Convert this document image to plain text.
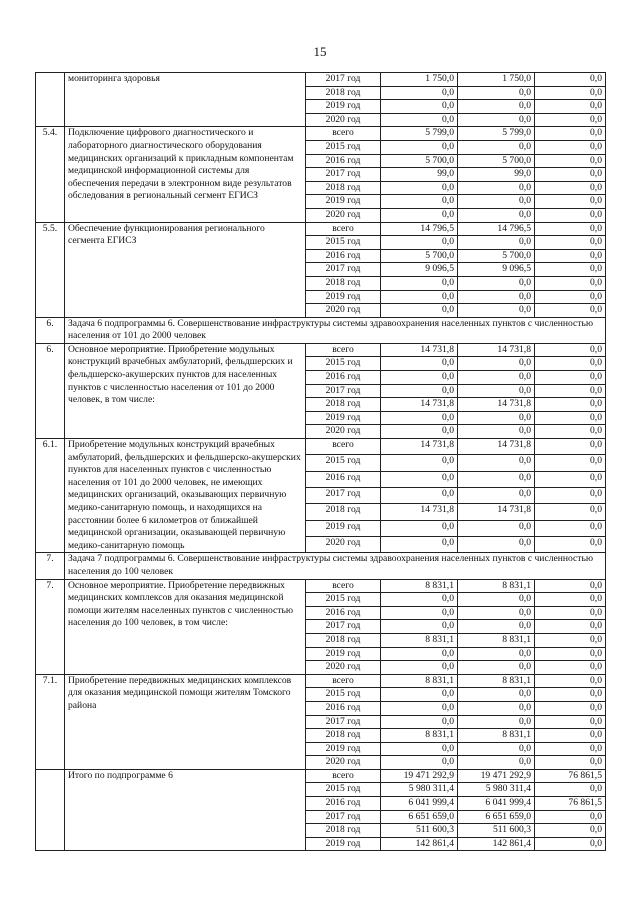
15
	мониторинга здоровья	2017 год	1 750,0	1 750,0	0,0
		2018 год	0,0	0,0	0,0
		2019 год	0,0	0,0	0,0
		2020 год	0,0	0,0	0,0
5.4.	Подключение цифрового диагностического и лабораторного диагностического оборудования медицинских организаций к прикладным компонентам медицинской информационной системы для обеспечения передачи в электронном виде результатов обследования в региональный сегмент ЕГИСЗ	всего	5 799,0	5 799,0	0,0
		2015 год	0,0	0,0	0,0
		2016 год	5 700,0	5 700,0	0,0
		2017 год	99,0	99,0	0,0
		2018 год	0,0	0,0	0,0
		2019 год	0,0	0,0	0,0
		2020 год	0,0	0,0	0,0
5.5.	Обеспечение функционирования регионального сегмента ЕГИСЗ	всего	14 796,5	14 796,5	0,0
		2015 год	0,0	0,0	0,0
		2016 год	5 700,0	5 700,0	0,0
		2017 год	9 096,5	9 096,5	0,0
		2018 год	0,0	0,0	0,0
		2019 год	0,0	0,0	0,0
		2020 год	0,0	0,0	0,0
6.	Задача 6 подпрограммы 6. Совершенствование инфраструктуры системы здравоохранения населенных пунктов с численностью населения от 101 до 2000 человек				
6.	Основное мероприятие. Приобретение модульных конструкций врачебных амбулаторий, фельдшерских и фельдшерско-акушерских пунктов для населенных пунктов с численностью населения от 101 до 2000 человек, в том числе:	всего	14 731,8	14 731,8	0,0
		2015 год	0,0	0,0	0,0
		2016 год	0,0	0,0	0,0
		2017 год	0,0	0,0	0,0
		2018 год	14 731,8	14 731,8	0,0
		2019 год	0,0	0,0	0,0
		2020 год	0,0	0,0	0,0
6.1.	Приобретение модульных конструкций врачебных амбулаторий, фельдшерских и фельдшерско-акушерских пунктов для населенных пунктов с численностью населения от 101 до 2000 человек, не имеющих медицинских организаций, оказывающих первичную медико-санитарную помощь, и находящихся на расстоянии более 6 километров от ближайшей медицинской организации, оказывающей первичную медико-санитарную помощь	всего	14 731,8	14 731,8	0,0
		2015 год	0,0	0,0	0,0
		2016 год	0,0	0,0	0,0
		2017 год	0,0	0,0	0,0
		2018 год	14 731,8	14 731,8	0,0
		2019 год	0,0	0,0	0,0
		2020 год	0,0	0,0	0,0
7.	Задача 7 подпрограммы 6. Совершенствование инфраструктуры системы здравоохранения населенных пунктов с численностью населения до 100 человек				
7.	Основное мероприятие. Приобретение передвижных медицинских комплексов для оказания медицинской помощи жителям населенных пунктов с численностью населения до 100 человек, в том числе:	всего	8 831,1	8 831,1	0,0
		2015 год	0,0	0,0	0,0
		2016 год	0,0	0,0	0,0
		2017 год	0,0	0,0	0,0
		2018 год	8 831,1	8 831,1	0,0
		2019 год	0,0	0,0	0,0
		2020 год	0,0	0,0	0,0
7.1.	Приобретение передвижных медицинских комплексов для оказания медицинской помощи жителям Томского района	всего	8 831,1	8 831,1	0,0
		2015 год	0,0	0,0	0,0
		2016 год	0,0	0,0	0,0
		2017 год	0,0	0,0	0,0
		2018 год	8 831,1	8 831,1	0,0
		2019 год	0,0	0,0	0,0
		2020 год	0,0	0,0	0,0
	Итого по подпрограмме 6	всего	19 471 292,9	19 471 292,9	76 861,5
		2015 год	5 980 311,4	5 980 311,4	0,0
		2016 год	6 041 999,4	6 041 999,4	76 861,5
		2017 год	6 651 659,0	6 651 659,0	0,0
		2018 год	511 600,3	511 600,3	0,0
		2019 год	142 861,4	142 861,4	0,0
